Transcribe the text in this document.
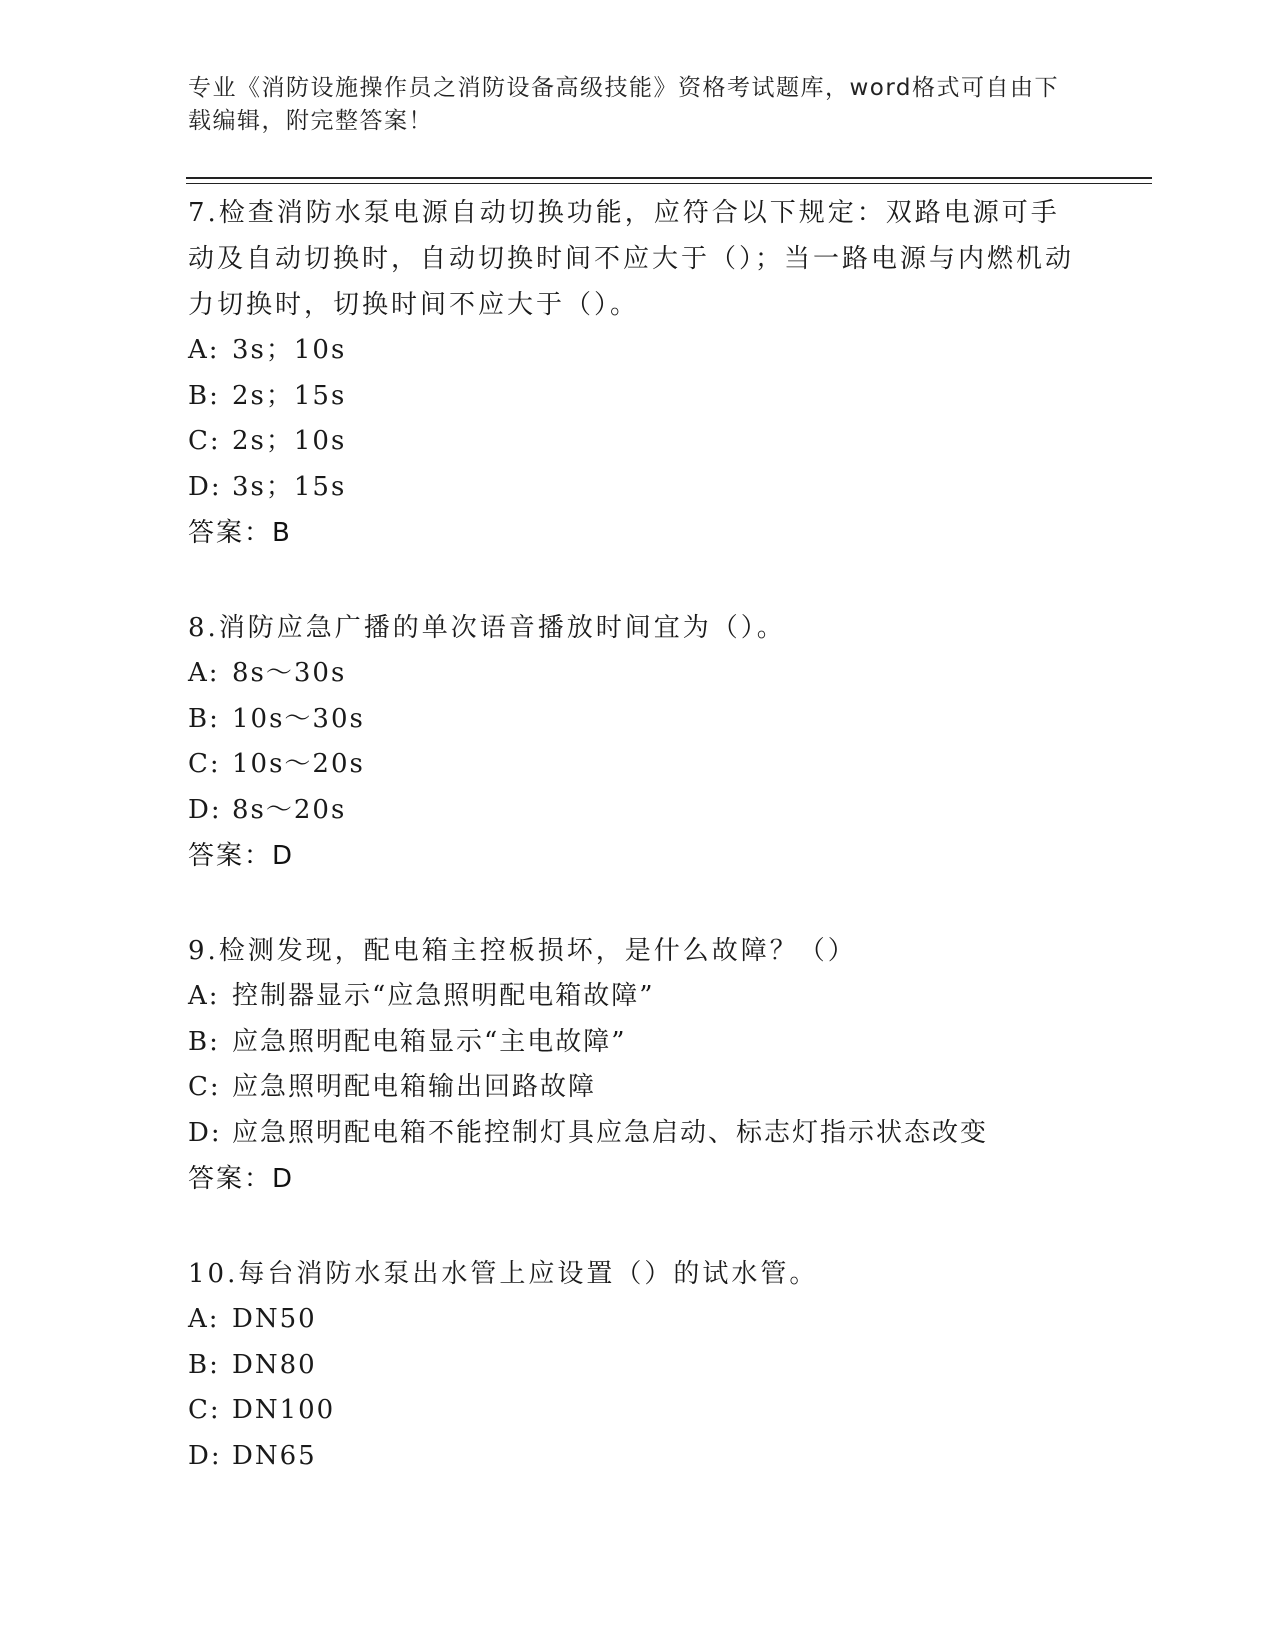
专业《消防设施操作员之消防设备高级技能》资格考试题库，word格式可自由下
载编辑，附完整答案！
7.检查消防水泵电源自动切换功能，应符合以下规定：双路电源可手动及自动切换时，自动切换时间不应大于（）；当一路电源与内燃机动力切换时，切换时间不应大于（）。
A: 3s；10s
B: 2s；15s
C: 2s；10s
D: 3s；15s
答案：B
8.消防应急广播的单次语音播放时间宜为（）。
A: 8s～30s
B: 10s～30s
C: 10s～20s
D: 8s～20s
答案：D
9.检测发现，配电箱主控板损坏，是什么故障？（）
A: 控制器显示“应急照明配电箱故障”
B: 应急照明配电箱显示“主电故障”
C: 应急照明配电箱输出回路故障
D: 应急照明配电箱不能控制灯具应急启动、标志灯指示状态改变
答案：D
10.每台消防水泵出水管上应设置（）的试水管。
A: DN50
B: DN80
C: DN100
D: DN65
